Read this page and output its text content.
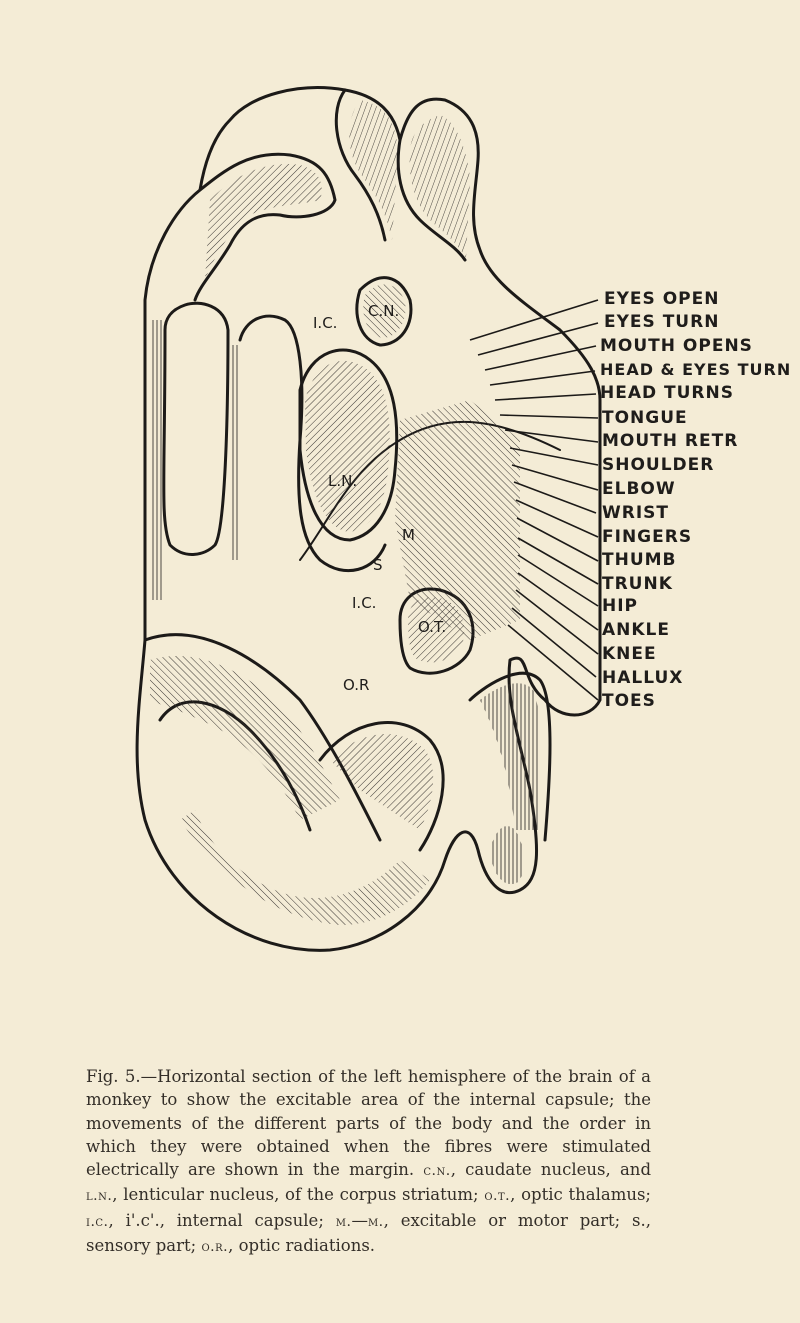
I.C.
C.N.
L.N.
M
S
I.C.
O.T.
O.R
EYES OPEN
EYES TURN
MOUTH OPENS
HEAD & EYES TURN
HEAD TURNS
TONGUE
MOUTH RETR
SHOULDER
ELBOW
WRIST
FINGERS
THUMB
TRUNK
HIP
ANKLE
KNEE
HALLUX
TOES
Fig. 5.—Horizontal section of the left hemisphere of the brain of a monkey to show the excitable area of the internal capsule; the movements of the different parts of the body and the order in which they were obtained when the fibres were stimulated electrically are shown in the margin. c.n., caudate nucleus, and l.n., lenticular nucleus, of the corpus striatum; o.t., optic thalamus; i.c., i'.c'., internal capsule; m.—m., excitable or motor part; s., sensory part; o.r., optic radiations.
